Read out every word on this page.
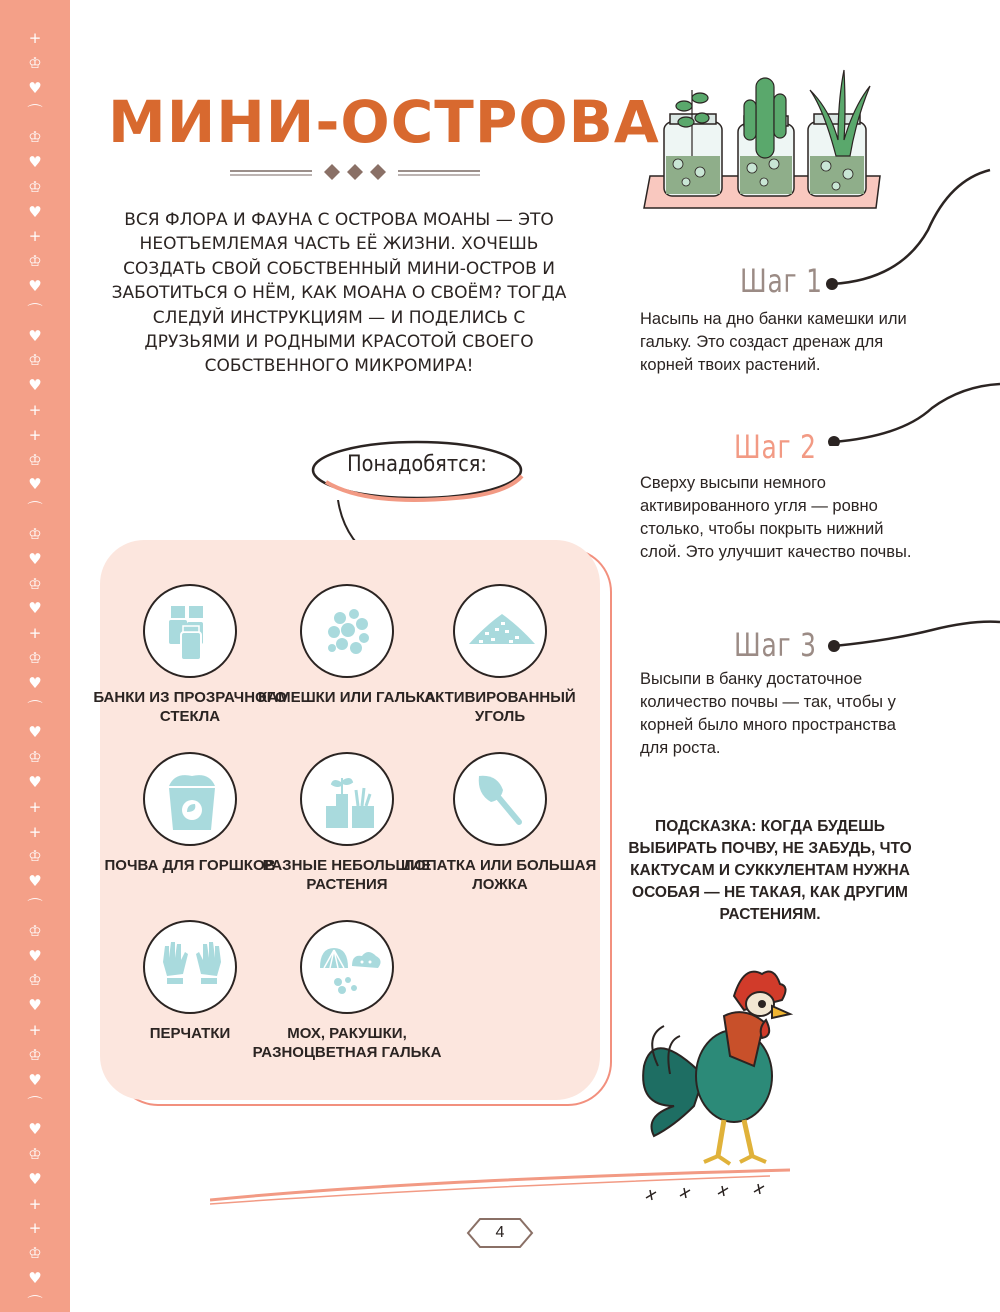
+
♔
♥
⌒
♔
♥
♔
♥
+
♔
♥
⌒
♥
♔
♥
+
+
♔
♥
⌒
♔
♥
♔
♥
+
♔
♥
⌒
♥
♔
♥
+
+
♔
♥
⌒
♔
♥
♔
♥
+
♔
♥
⌒
♥
♔
♥
+
+
♔
♥
⌒
МИНИ-ОСТРОВА
ВСЯ ФЛОРА И ФАУНА С ОСТРОВА МОАНЫ — ЭТО НЕОТЪЕМЛЕМАЯ ЧАСТЬ ЕЁ ЖИЗНИ. ХОЧЕШЬ СОЗДАТЬ СВОЙ СОБСТВЕННЫЙ МИНИ-ОСТРОВ И ЗАБОТИТЬСЯ О НЁМ, КАК МОАНА О СВОЁМ? ТОГДА СЛЕДУЙ ИНСТРУКЦИЯМ — И ПОДЕЛИСЬ С ДРУЗЬЯМИ И РОДНЫМИ КРАСОТОЙ СВОЕГО СОБСТВЕННОГО МИКРОМИРА!
Понадобятся:
БАНКИ ИЗ ПРОЗРАЧНОГО СТЕКЛА
КАМЕШКИ ИЛИ ГАЛЬКА
АКТИВИРОВАННЫЙ УГОЛЬ
ПОЧВА ДЛЯ ГОРШКОВ
РАЗНЫЕ НЕБОЛЬШИЕ РАСТЕНИЯ
ЛОПАТКА ИЛИ БОЛЬШАЯ ЛОЖКА
ПЕРЧАТКИ	МОХ, РАКУШКИ, РАЗНОЦВЕТНАЯ ГАЛЬКА
Шаг 1
Насыпь на дно банки камешки или гальку. Это создаст дренаж для корней твоих растений.
Шаг 2
Сверху высыпи немного активированного угля — ровно столько, чтобы покрыть нижний слой. Это улучшит качество почвы.
Шаг 3
Высыпи в банку достаточное количество почвы — так, чтобы у корней было много пространства для роста.
ПОДСКАЗКА: КОГДА БУДЕШЬ ВЫБИРАТЬ ПОЧВУ, НЕ ЗАБУДЬ, ЧТО КАКТУСАМ И СУККУЛЕНТАМ НУЖНА ОСОБАЯ — НЕ ТАКАЯ, КАК ДРУГИМ РАСТЕНИЯМ.
4
